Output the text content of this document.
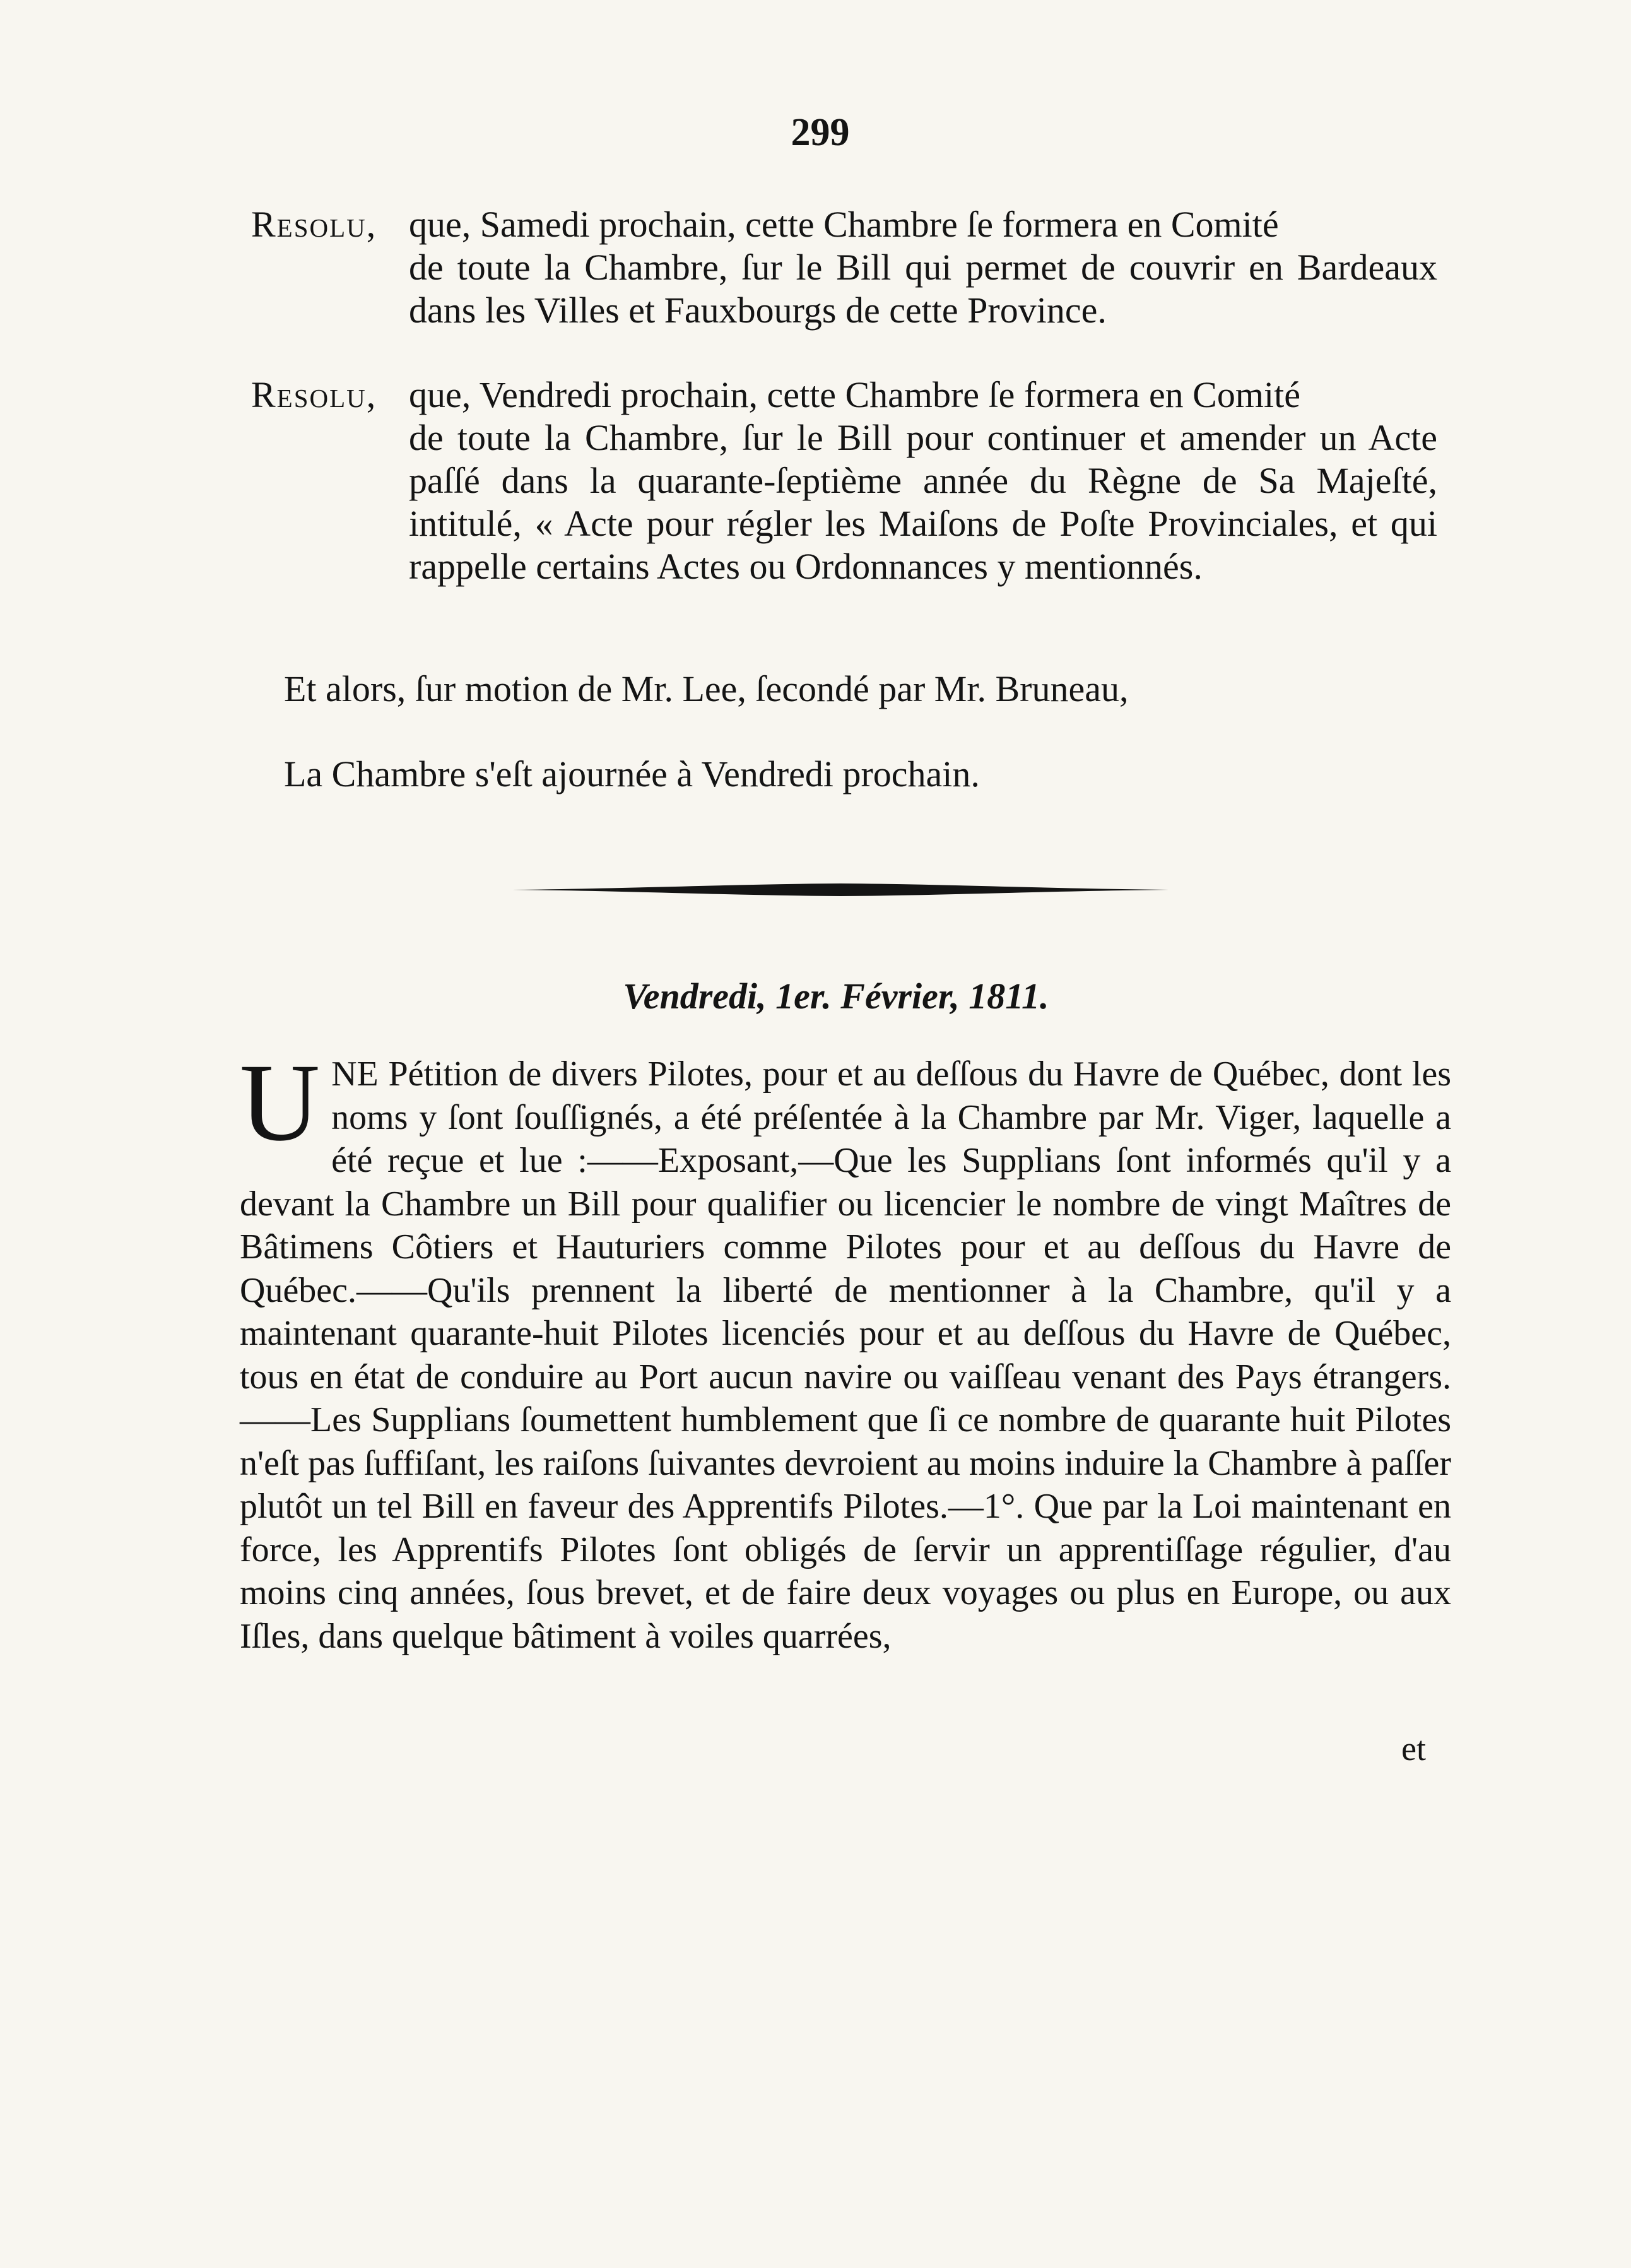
299
Resolu, que, Samedi prochain, cette Chambre ſe formera en Comité
de toute la Chambre, ſur le Bill qui permet de couvrir en Bardeaux dans les Villes et Fauxbourgs de cette Province.
Resolu, que, Vendredi prochain, cette Chambre ſe formera en Comité
de toute la Chambre, ſur le Bill pour continuer et amender un Acte paſſé dans la quarante-ſeptième année du Règne de Sa Majeſté, intitulé, « Acte pour régler les Maiſons de Poſte Provinciales, et qui rappelle certains Actes ou Ordonnances y mentionnés.
Et alors, ſur motion de Mr. Lee, ſecondé par Mr. Bruneau,
La Chambre s'eſt ajournée à Vendredi prochain.
Vendredi, 1er. Février, 1811.
UNE Pétition de divers Pilotes, pour et au deſſous du Havre de Québec, dont les noms y ſont ſouſſignés, a été préſentée à la Chambre par Mr. Viger, laquelle a été reçue et lue :——Exposant,—Que les Supplians ſont informés qu'il y a devant la Chambre un Bill pour qualifier ou licencier le nombre de vingt Maîtres de Bâtimens Côtiers et Hauturiers comme Pilotes pour et au deſſous du Havre de Québec.——Qu'ils prennent la liberté de mentionner à la Chambre, qu'il y a maintenant quarante-huit Pilotes licenciés pour et au deſſous du Havre de Québec, tous en état de conduire au Port aucun navire ou vaiſſeau venant des Pays étrangers.——Les Supplians ſoumettent humblement que ſi ce nombre de quarante huit Pilotes n'eſt pas ſuffiſant, les raiſons ſuivantes devroient au moins induire la Chambre à paſſer plutôt un tel Bill en faveur des Apprentifs Pilotes.—1°. Que par la Loi maintenant en force, les Apprentifs Pilotes ſont obligés de ſervir un apprentiſſage régulier, d'au moins cinq années, ſous brevet, et de faire deux voyages ou plus en Europe, ou aux Iſles, dans quelque bâtiment à voiles quarrées,
et
